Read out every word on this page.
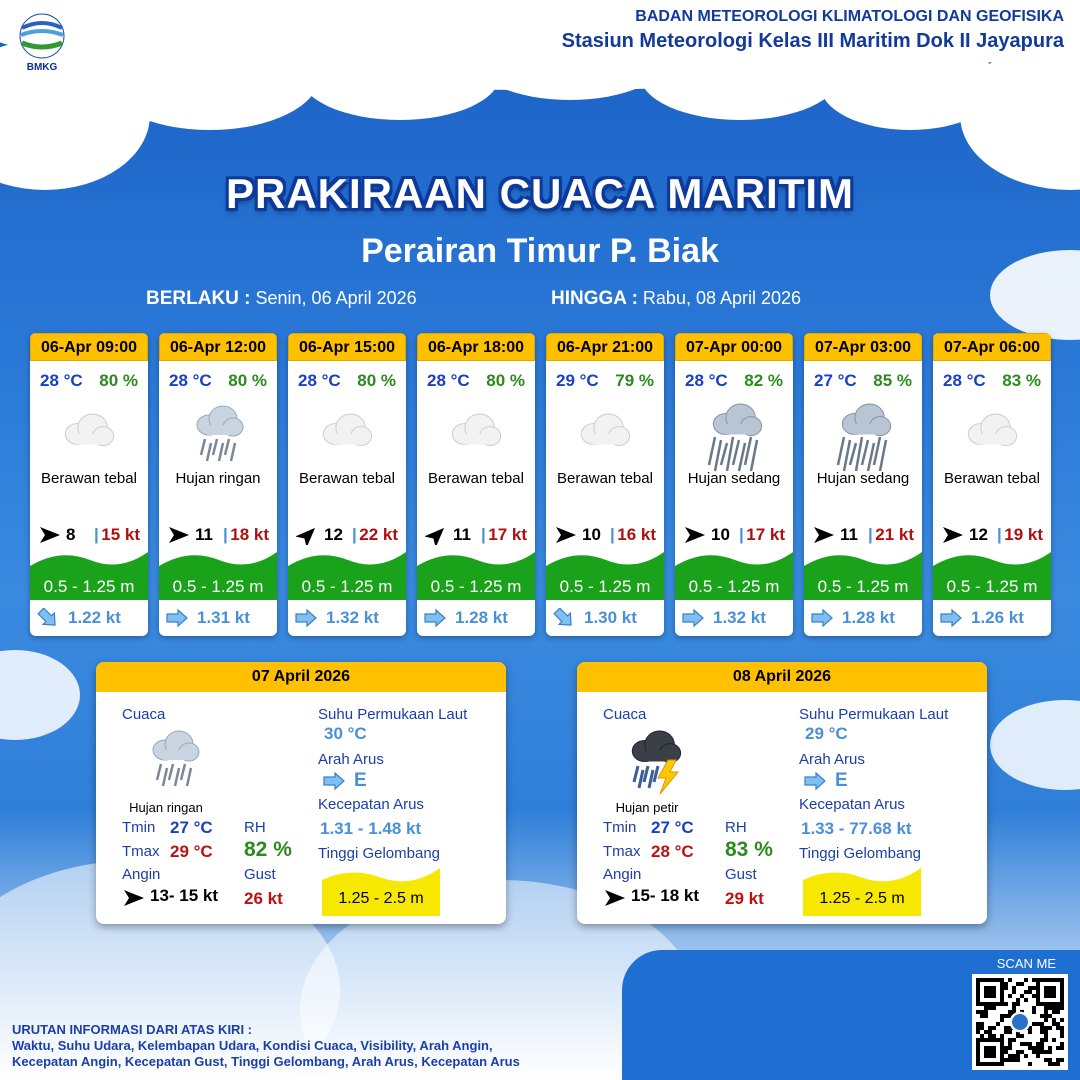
BMKG
BADAN METEOROLOGI KLIMATOLOGI DAN GEOFISIKA
Stasiun Meteorologi Kelas III Maritim Dok II Jayapura
PRAKIRAAN CUACA MARITIM
Perairan Timur P. Biak
BERLAKU : Senin, 06 April 2026	HINGGA : Rabu, 08 April 2026
06-Apr 09:00
28 °C 80 %
Berawan tebal
8 | 15 kt
0.5 - 1.25 m
1.22 kt
06-Apr 12:00
28 °C 80 %
Hujan ringan
11 | 18 kt
0.5 - 1.25 m
1.31 kt
06-Apr 15:00
28 °C 80 %
Berawan tebal
12 | 22 kt
0.5 - 1.25 m
1.32 kt
06-Apr 18:00
28 °C 80 %
Berawan tebal
11 | 17 kt
0.5 - 1.25 m
1.28 kt
06-Apr 21:00
29 °C 79 %
Berawan tebal
10 | 16 kt
0.5 - 1.25 m
1.30 kt
07-Apr 00:00
28 °C 82 %
Hujan sedang
10 | 17 kt
0.5 - 1.25 m
1.32 kt
07-Apr 03:00
27 °C 85 %
Hujan sedang
11 | 21 kt
0.5 - 1.25 m
1.28 kt
07-Apr 06:00
28 °C 83 %
Berawan tebal
12 | 19 kt
0.5 - 1.25 m
1.26 kt
07 April 2026
Cuaca
Hujan ringan
Tmin 27 °C
Tmax 29 °C
RH
82 %
Angin
13- 15 kt
Gust
26 kt
Suhu Permukaan Laut
30 °C
Arah Arus
E
Kecepatan Arus
1.31 - 1.48 kt
Tinggi Gelombang
1.25 - 2.5 m
08 April 2026
Cuaca
Hujan petir
Tmin 27 °C
Tmax 28 °C
RH
83 %
Angin
15- 18 kt
Gust
29 kt
Suhu Permukaan Laut
29 °C
Arah Arus
E
Kecepatan Arus
1.33 - 77.68 kt
Tinggi Gelombang
1.25 - 2.5 m
SCAN ME
URUTAN INFORMASI DARI ATAS KIRI :
Waktu, Suhu Udara, Kelembapan Udara, Kondisi Cuaca, Visibility, Arah Angin,
Kecepatan Angin, Kecepatan Gust, Tinggi Gelombang, Arah Arus, Kecepatan Arus
